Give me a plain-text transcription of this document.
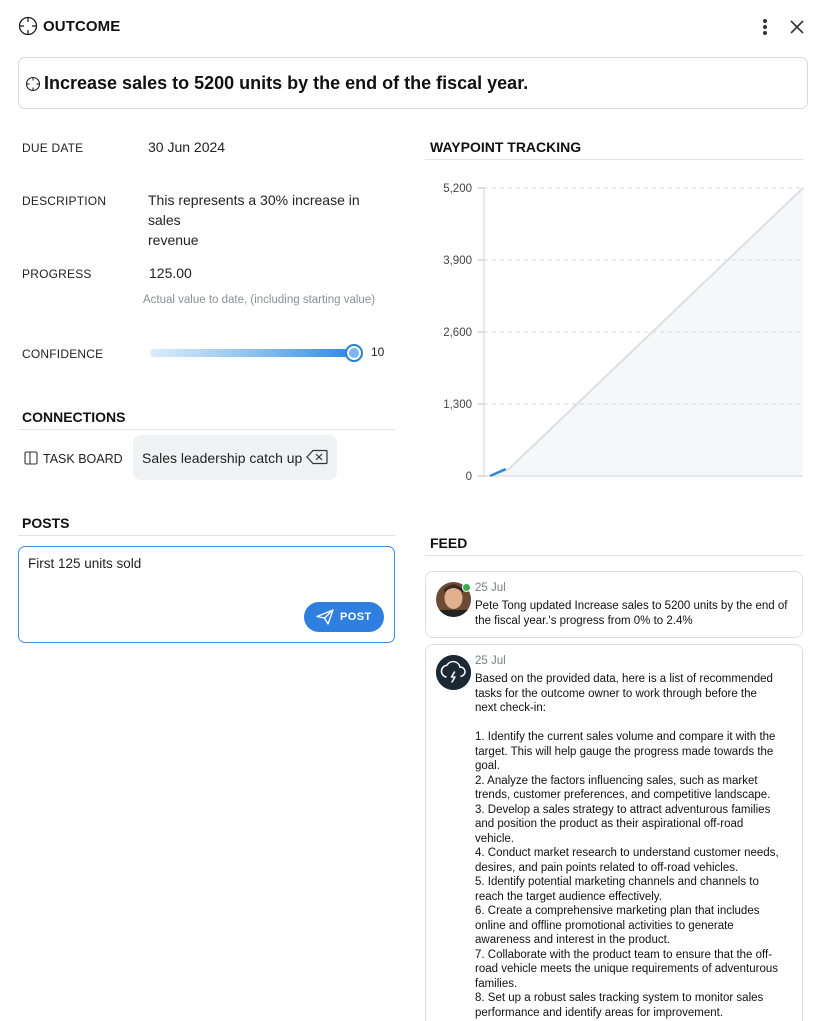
OUTCOME
Increase sales to 5200 units by the end of the fiscal year.
DUE DATE	30 Jun 2024
DESCRIPTION	This represents a 30% increase in sales
revenue
PROGRESS	125.00
Actual value to date, (including starting value)
CONFIDENCE	10
CONNECTIONS
TASK BOARD Sales leadership catch up
POSTS
First 125 units sold
POST
WAYPOINT TRACKING
0
1,300
2,600
3,900
5,200
FEED
25 Jul
Pete Tong updated Increase sales to 5200 units by the end of
the fiscal year.'s progress from 0% to 2.4%
25 Jul
Based on the provided data, here is a list of recommended
tasks for the outcome owner to work through before the
next check-in:
1. Identify the current sales volume and compare it with the
target. This will help gauge the progress made towards the
goal.
2. Analyze the factors influencing sales, such as market
trends, customer preferences, and competitive landscape.
3. Develop a sales strategy to attract adventurous families
and position the product as their aspirational off-road
vehicle.
4. Conduct market research to understand customer needs,
desires, and pain points related to off-road vehicles.
5. Identify potential marketing channels and channels to
reach the target audience effectively.
6. Create a comprehensive marketing plan that includes
online and offline promotional activities to generate
awareness and interest in the product.
7. Collaborate with the product team to ensure that the off-
road vehicle meets the unique requirements of adventurous
families.
8. Set up a robust sales tracking system to monitor sales
performance and identify areas for improvement.
